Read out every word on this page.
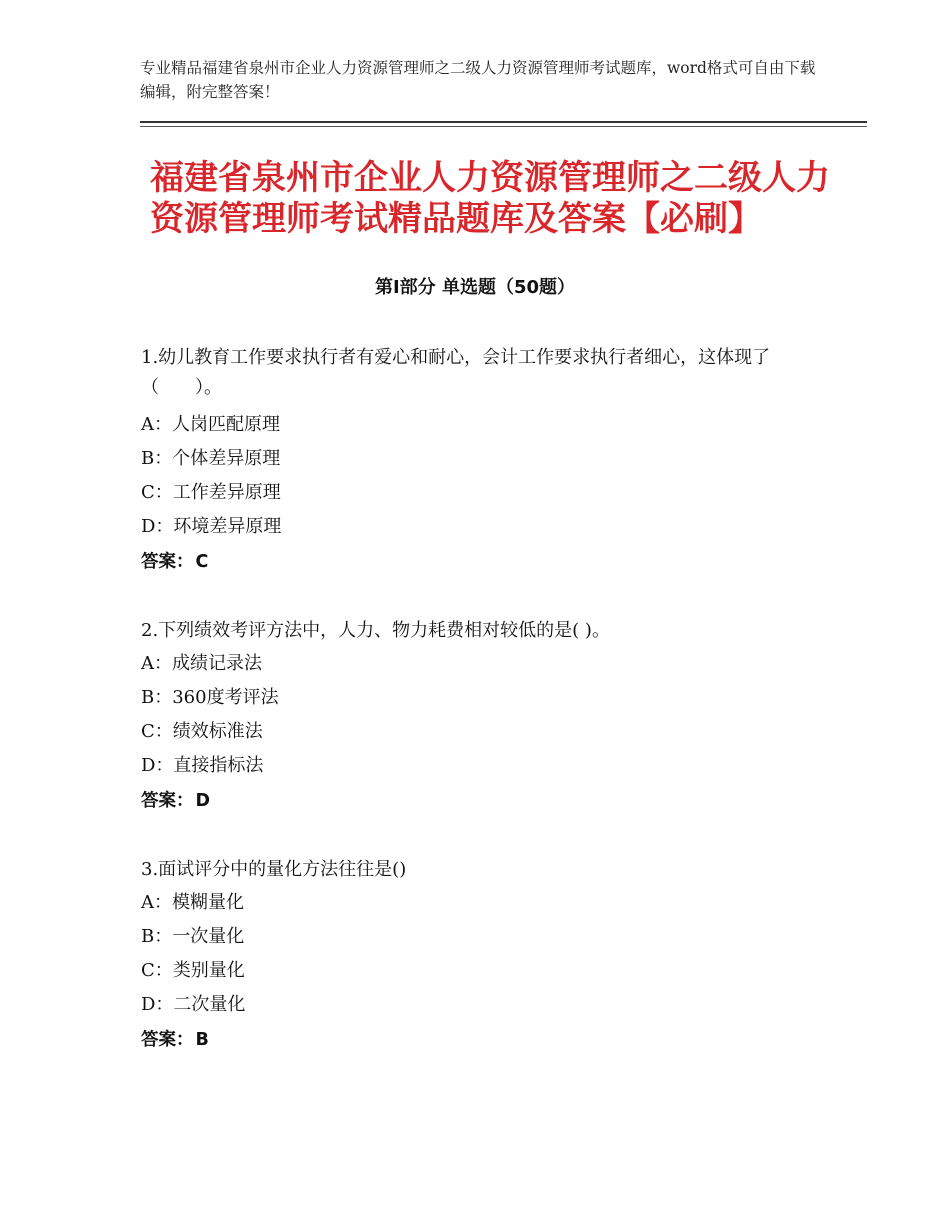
专业精品福建省泉州市企业人力资源管理师之二级人力资源管理师考试题库，word格式可自由下载编辑，附完整答案！
福建省泉州市企业人力资源管理师之二级人力资源管理师考试精品题库及答案【必刷】
第Ⅰ部分 单选题（50题）
1.幼儿教育工作要求执行者有爱心和耐心，会计工作要求执行者细心，这体现了（　　）。
A：人岗匹配原理
B：个体差异原理
C：工作差异原理
D：环境差异原理
答案： C
2.下列绩效考评方法中，人力、物力耗费相对较低的是( )。
A：成绩记录法
B：360度考评法
C：绩效标准法
D：直接指标法
答案： D
3.面试评分中的量化方法往往是()
A：模糊量化
B：一次量化
C：类别量化
D：二次量化
答案： B
